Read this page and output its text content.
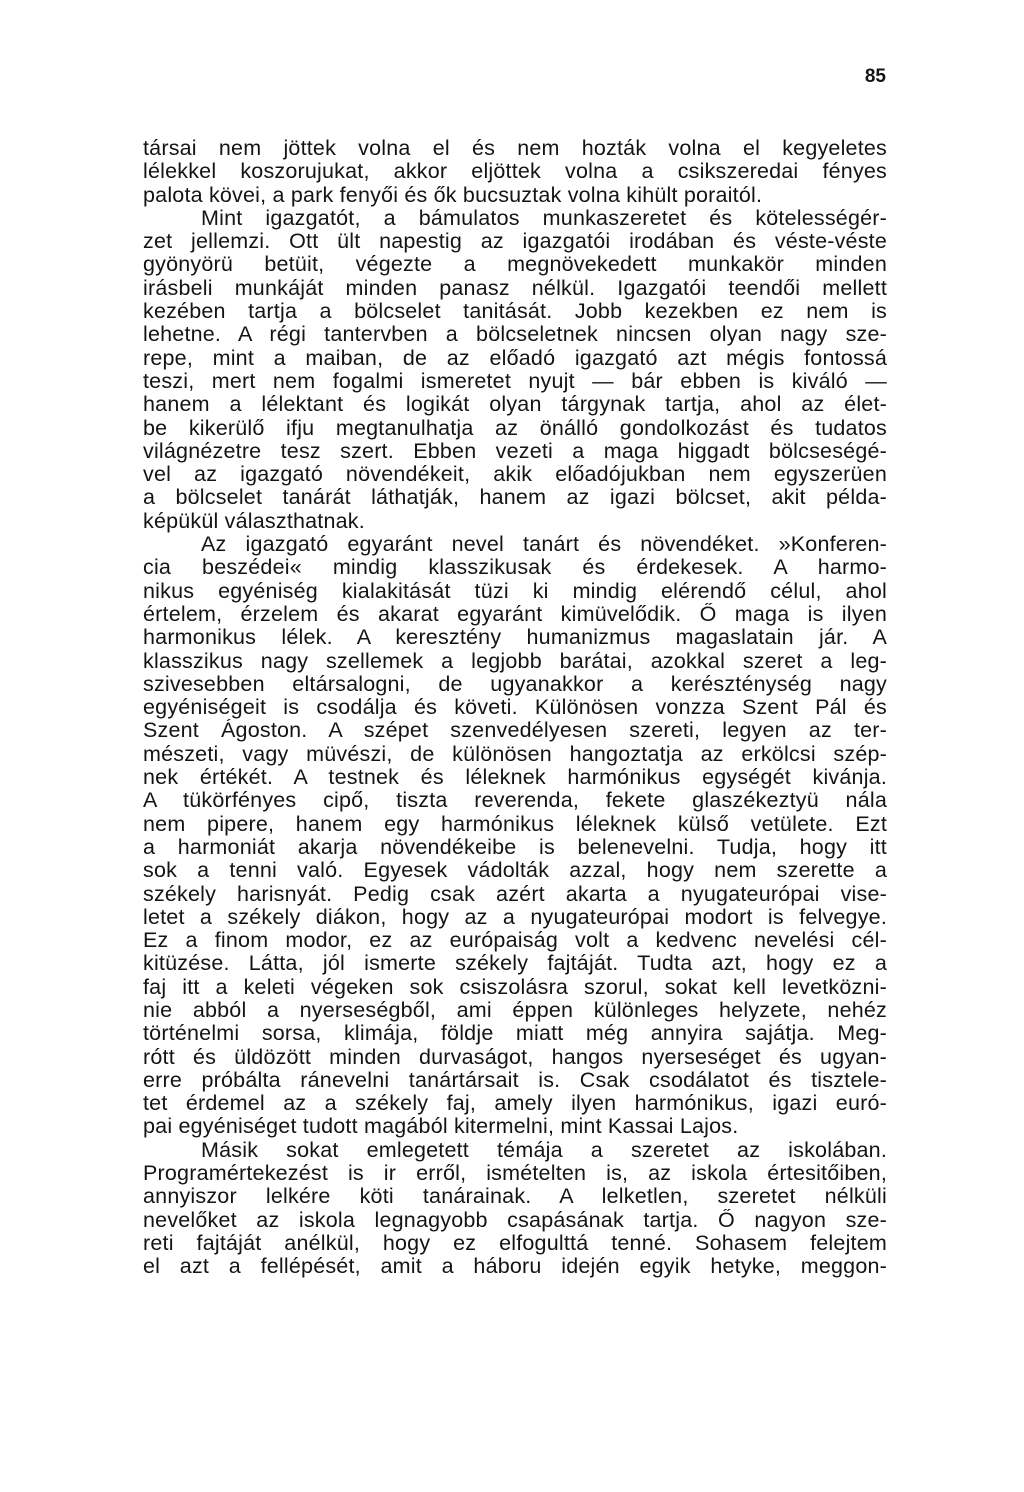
85
társai nem jöttek volna el és nem hozták volna el kegyeletes
lélekkel koszorujukat, akkor eljöttek volna a csikszeredai fényes
palota kövei, a park fenyői és ők bucsuztak volna kihült poraitól.
Mint igazgatót, a bámulatos munkaszeretet és kötelességér-
zet jellemzi. Ott ült napestig az igazgatói irodában és véste-véste
gyönyörü betüit, végezte a megnövekedett munkakör minden
irásbeli munkáját minden panasz nélkül. Igazgatói teendői mellett
kezében tartja a bölcselet tanitását. Jobb kezekben ez nem is
lehetne. A régi tantervben a bölcseletnek nincsen olyan nagy sze-
repe, mint a maiban, de az előadó igazgató azt mégis fontossá
teszi, mert nem fogalmi ismeretet nyujt — bár ebben is kiváló —
hanem a lélektant és logikát olyan tárgynak tartja, ahol az élet-
be kikerülő ifju megtanulhatja az önálló gondolkozást és tudatos
világnézetre tesz szert. Ebben vezeti a maga higgadt bölcseségé-
vel az igazgató növendékeit, akik előadójukban nem egyszerüen
a bölcselet tanárát láthatják, hanem az igazi bölcset, akit példa-
képükül választhatnak.
Az igazgató egyaránt nevel tanárt és növendéket. »Konferen-
cia beszédei« mindig klasszikusak és érdekesek. A harmo-
nikus egyéniség kialakitását tüzi ki mindig elérendő célul, ahol
értelem, érzelem és akarat egyaránt kimüvelődik. Ő maga is ilyen
harmonikus lélek. A keresztény humanizmus magaslatain jár. A
klasszikus nagy szellemek a legjobb barátai, azokkal szeret a leg-
szivesebben eltársalogni, de ugyanakkor a kerészténység nagy
egyéniségeit is csodálja és követi. Különösen vonzza Szent Pál és
Szent Ágoston. A szépet szenvedélyesen szereti, legyen az ter-
mészeti, vagy müvészi, de különösen hangoztatja az erkölcsi szép-
nek értékét. A testnek és léleknek harmónikus egységét kivánja.
A tükörfényes cipő, tiszta reverenda, fekete glaszékeztyü nála
nem pipere, hanem egy harmónikus léleknek külső vetülete. Ezt
a harmoniát akarja növendékeibe is belenevelni. Tudja, hogy itt
sok a tenni való. Egyesek vádolták azzal, hogy nem szerette a
székely harisnyát. Pedig csak azért akarta a nyugateurópai vise-
letet a székely diákon, hogy az a nyugateurópai modort is felvegye.
Ez a finom modor, ez az európaiság volt a kedvenc nevelési cél-
kitüzése. Látta, jól ismerte székely fajtáját. Tudta azt, hogy ez a
faj itt a keleti végeken sok csiszolásra szorul, sokat kell levetközni-
nie abból a nyerseségből, ami éppen különleges helyzete, nehéz
történelmi sorsa, klimája, földje miatt még annyira sajátja. Meg-
rótt és üldözött minden durvaságot, hangos nyerseséget és ugyan-
erre próbálta ránevelni tanártársait is. Csak csodálatot és tisztele-
tet érdemel az a székely faj, amely ilyen harmónikus, igazi euró-
pai egyéniséget tudott magából kitermelni, mint Kassai Lajos.
Másik sokat emlegetett témája a szeretet az iskolában.
Programértekezést is ir erről, ismételten is, az iskola értesitőiben,
annyiszor lelkére köti tanárainak. A lelketlen, szeretet nélküli
nevelőket az iskola legnagyobb csapásának tartja. Ő nagyon sze-
reti fajtáját anélkül, hogy ez elfogulttá tenné. Sohasem felejtem
el azt a fellépését, amit a háboru idején egyik hetyke, meggon-
